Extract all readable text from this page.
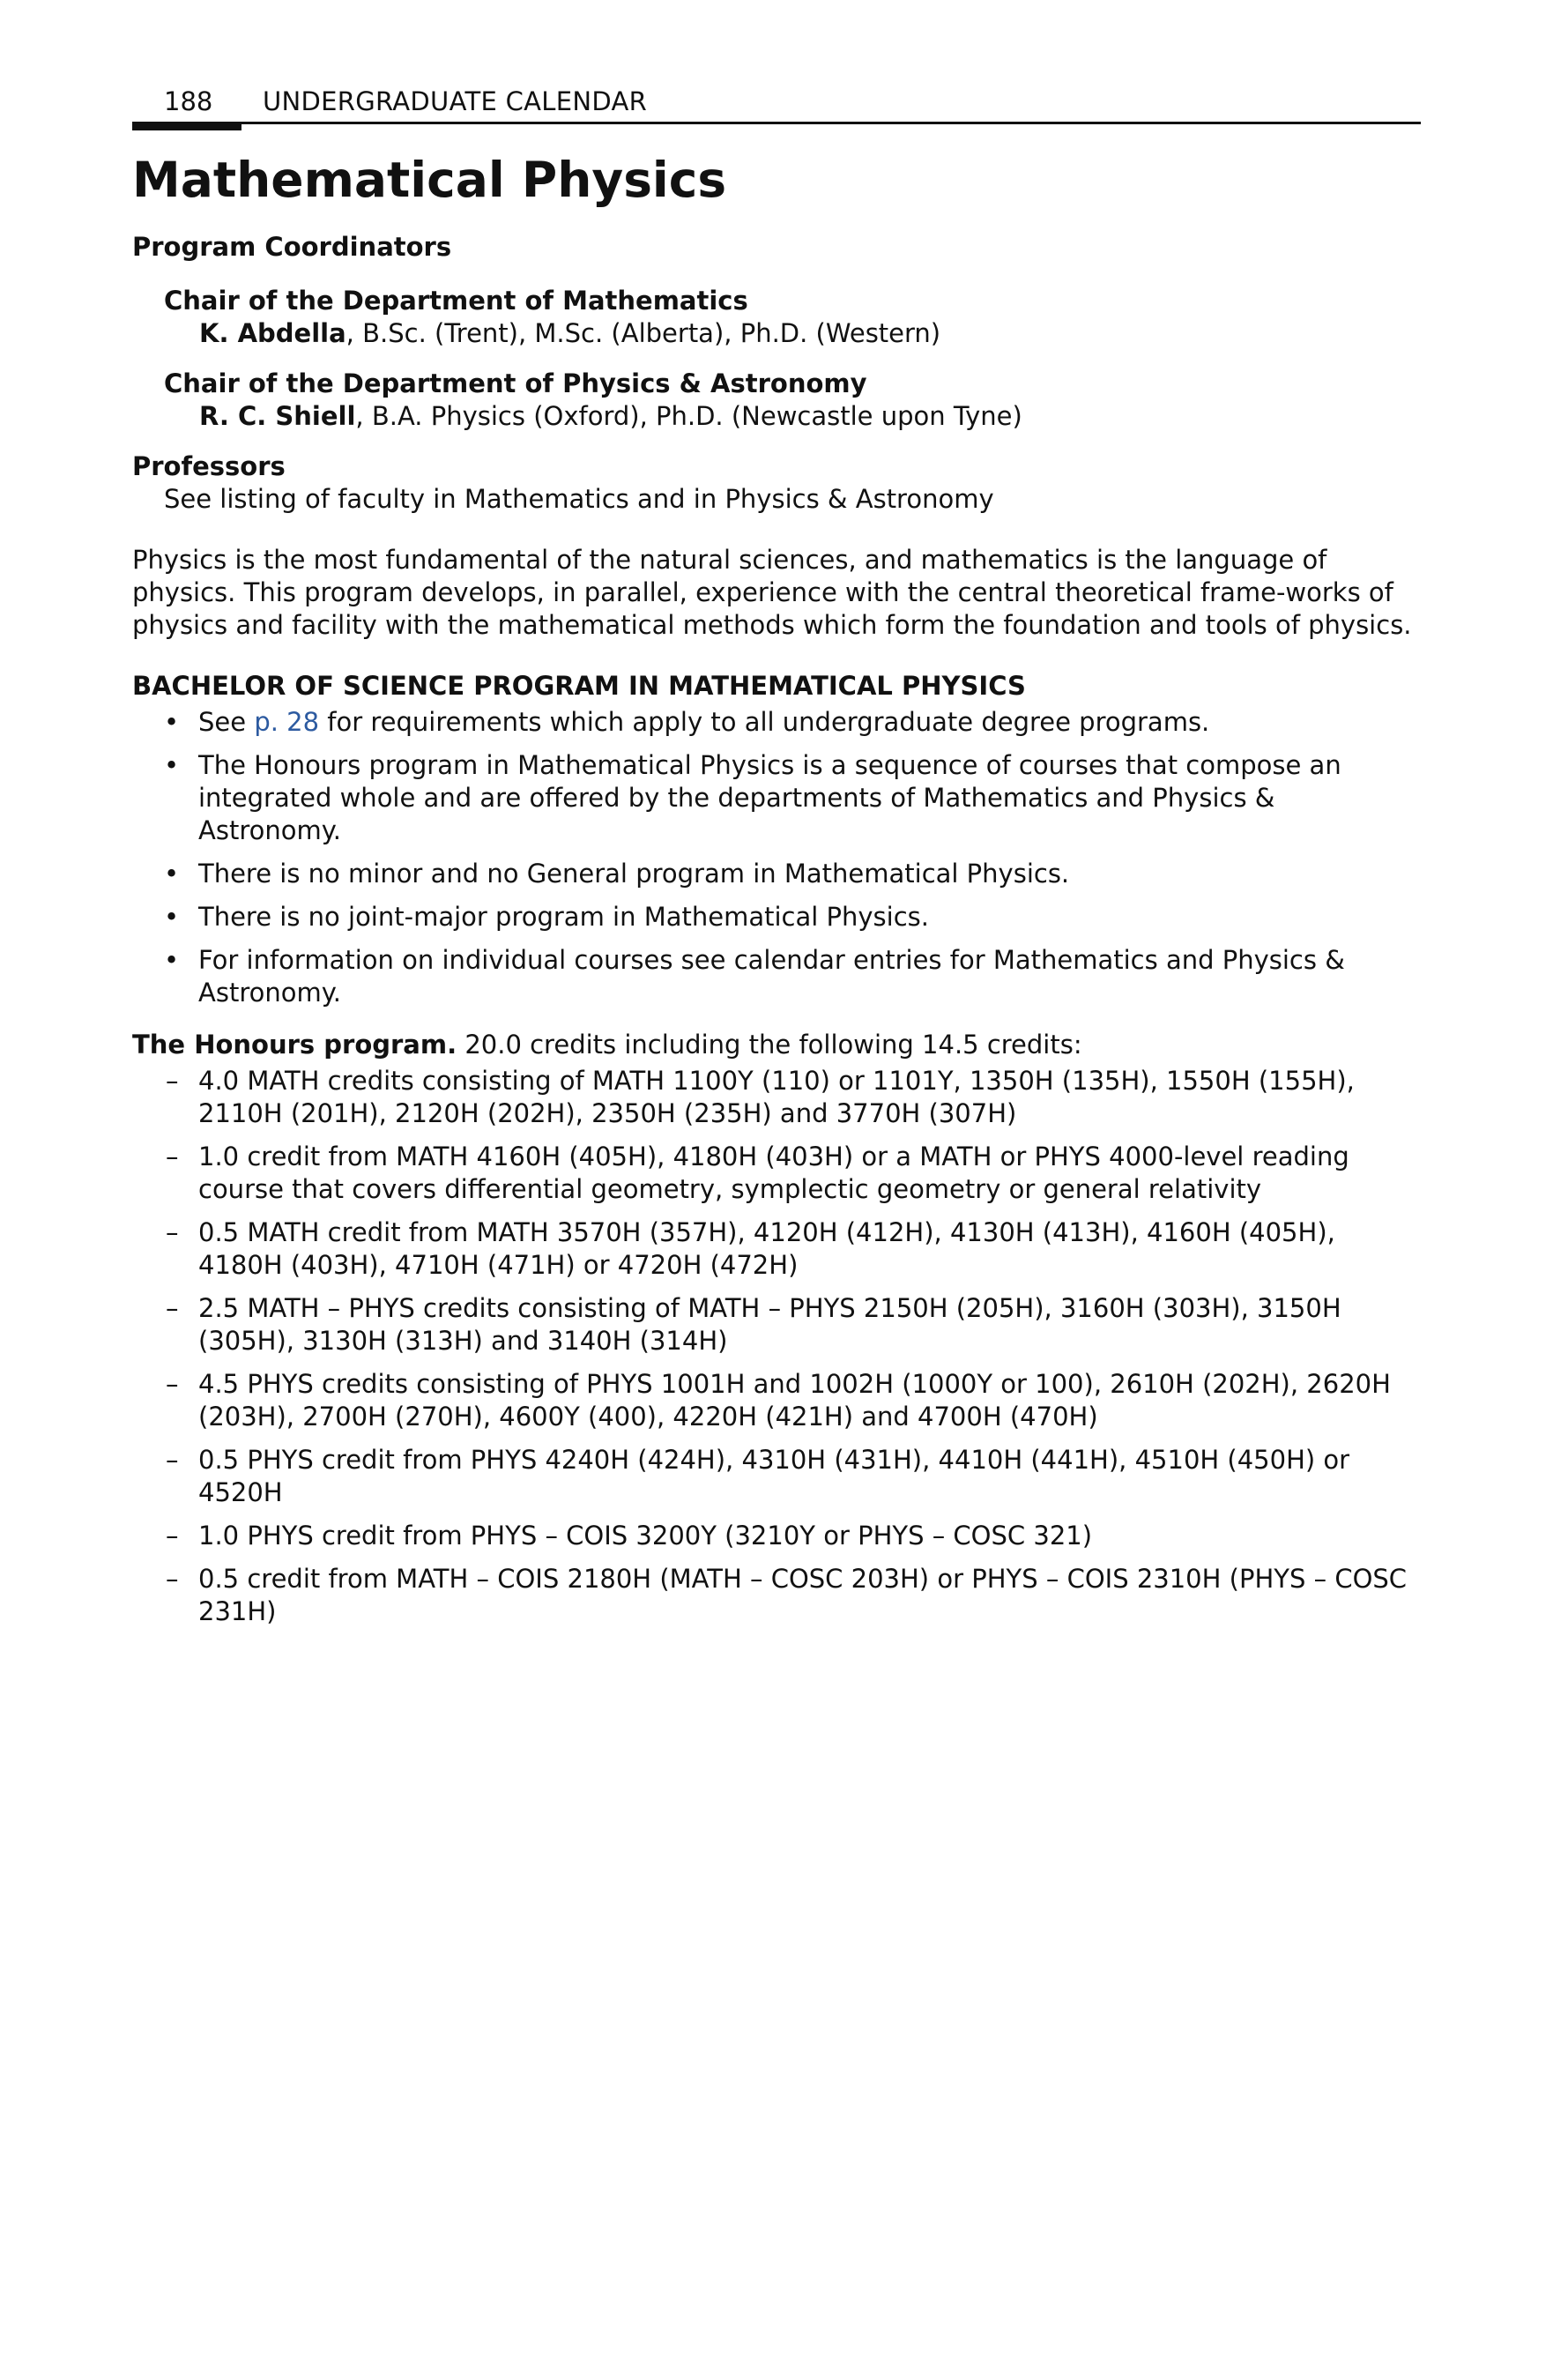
188 UNDERGRADUATE CALENDAR
Mathematical Physics
Program Coordinators
Chair of the Department of Mathematics
K. Abdella, B.Sc. (Trent), M.Sc. (Alberta), Ph.D. (Western)
Chair of the Department of Physics & Astronomy
R. C. Shiell, B.A. Physics (Oxford), Ph.D. (Newcastle upon Tyne)
Professors
See listing of faculty in Mathematics and in Physics & Astronomy

Physics is the most fundamental of the natural sciences, and mathematics is the language of physics. This program develops, in parallel, experience with the central theoretical frame-works of physics and facility with the mathematical methods which form the foundation and tools of physics.

BACHELOR OF SCIENCE PROGRAM IN MATHEMATICAL PHYSICS
• See p. 28 for requirements which apply to all undergraduate degree programs.
• The Honours program in Mathematical Physics is a sequence of courses that compose an integrated whole and are offered by the departments of Mathematics and Physics & Astronomy.
• There is no minor and no General program in Mathematical Physics.
• There is no joint-major program in Mathematical Physics.
• For information on individual courses see calendar entries for Mathematics and Physics & Astronomy.
The Honours program. 20.0 credits including the following 14.5 credits:
– 4.0 MATH credits consisting of MATH 1100Y (110) or 1101Y, 1350H (135H), 1550H (155H), 2110H (201H), 2120H (202H), 2350H (235H) and 3770H (307H)
– 1.0 credit from MATH 4160H (405H), 4180H (403H) or a MATH or PHYS 4000-level reading course that covers differential geometry, symplectic geometry or general relativity
– 0.5 MATH credit from MATH 3570H (357H), 4120H (412H), 4130H (413H), 4160H (405H), 4180H (403H), 4710H (471H) or 4720H (472H)
– 2.5 MATH – PHYS credits consisting of MATH – PHYS 2150H (205H), 3160H (303H), 3150H (305H), 3130H (313H) and 3140H (314H)
– 4.5 PHYS credits consisting of PHYS 1001H and 1002H (1000Y or 100), 2610H (202H), 2620H (203H), 2700H (270H), 4600Y (400), 4220H (421H) and 4700H (470H)
– 0.5 PHYS credit from PHYS 4240H (424H), 4310H (431H), 4410H (441H), 4510H (450H) or 4520H
– 1.0 PHYS credit from PHYS – COIS 3200Y (3210Y or PHYS – COSC 321)
– 0.5 credit from MATH – COIS 2180H (MATH – COSC 203H) or PHYS – COIS 2310H (PHYS – COSC 231H)
